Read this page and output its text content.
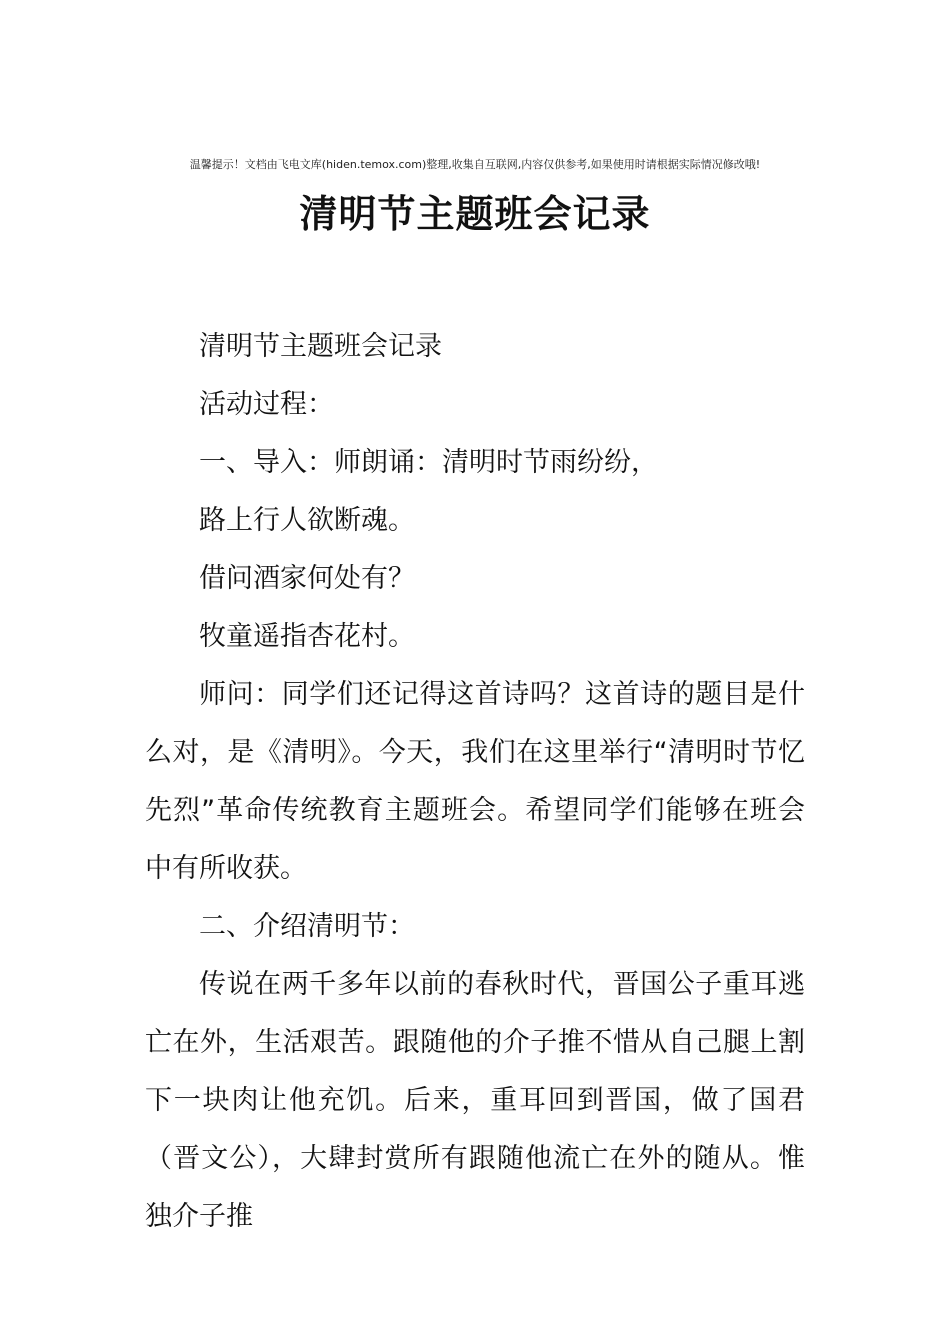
温馨提示！文档由飞电文库(hiden.temox.com)整理,收集自互联网,内容仅供参考,如果使用时请根据实际情况修改哦!
清明节主题班会记录

清明节主题班会记录

活动过程：

一、导入：师朗诵：清明时节雨纷纷，

路上行人欲断魂。

借问酒家何处有？

牧童遥指杏花村。

师问：同学们还记得这首诗吗？这首诗的题目是什么对，是《清明》。今天，我们在这里举行“清明时节忆先烈”革命传统教育主题班会。希望同学们能够在班会中有所收获。

二、介绍清明节：

传说在两千多年以前的春秋时代，晋国公子重耳逃亡在外，生活艰苦。跟随他的介子推不惜从自己腿上割下一块肉让他充饥。后来，重耳回到晋国，做了国君（晋文公），大肆封赏所有跟随他流亡在外的随从。惟独介子推
